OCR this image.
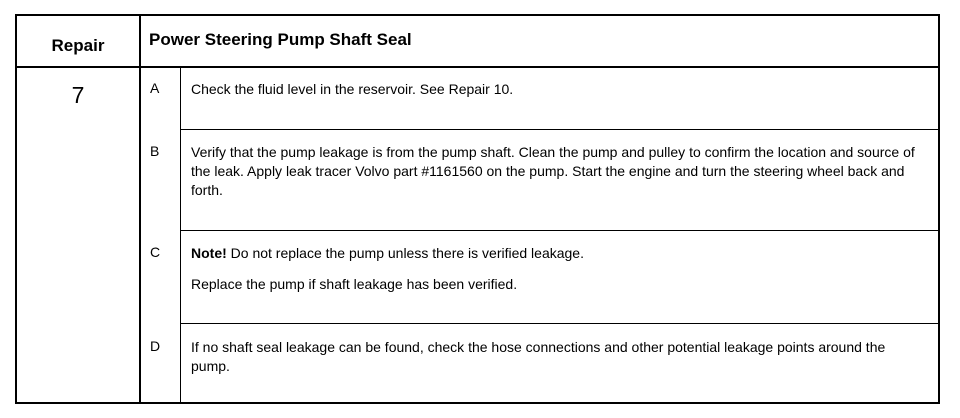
Repair	Power Steering Pump Shaft Seal
7	A Check the fluid level in the reservoir. See Repair 10.

B Verify that the pump leakage is from the pump shaft. Clean the pump and pulley to confirm the location and source of the leak. Apply leak tracer Volvo part #1161560 on the pump. Start the engine and turn the steering wheel back and forth.

C Note! Do not replace the pump unless there is verified leakage.

Replace the pump if shaft leakage has been verified.

D If no shaft seal leakage can be found, check the hose connections and other potential leakage points around the pump.
